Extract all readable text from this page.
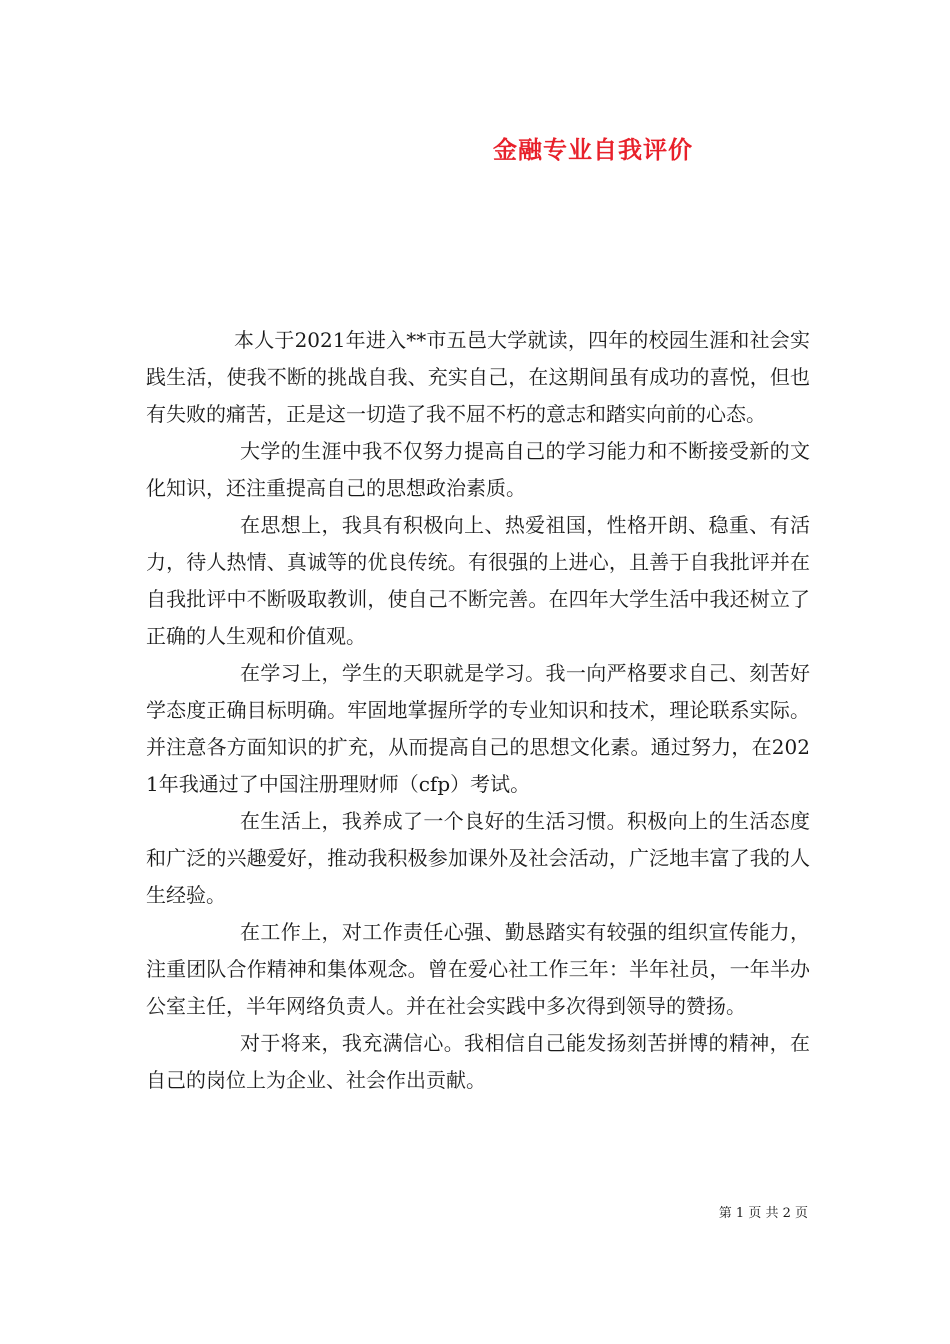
金融专业自我评价

本人于2021年进入**市五邑大学就读，四年的校园生涯和社会实践生活，使我不断的挑战自我、充实自己，在这期间虽有成功的喜悦，但也有失败的痛苦，正是这一切造了我不屈不朽的意志和踏实向前的心态。

大学的生涯中我不仅努力提高自己的学习能力和不断接受新的文化知识，还注重提高自己的思想政治素质。

在思想上，我具有积极向上、热爱祖国，性格开朗、稳重、有活力，待人热情、真诚等的优良传统。有很强的上进心，且善于自我批评并在自我批评中不断吸取教训，使自己不断完善。在四年大学生活中我还树立了正确的人生观和价值观。

在学习上，学生的天职就是学习。我一向严格要求自己、刻苦好学态度正确目标明确。牢固地掌握所学的专业知识和技术，理论联系实际。并注意各方面知识的扩充，从而提高自己的思想文化素。通过努力，在2021年我通过了中国注册理财师（cfp）考试。

在生活上，我养成了一个良好的生活习惯。积极向上的生活态度和广泛的兴趣爱好，推动我积极参加课外及社会活动，广泛地丰富了我的人生经验。

在工作上，对工作责任心强、勤恳踏实有较强的组织宣传能力，注重团队合作精神和集体观念。曾在爱心社工作三年：半年社员，一年半办公室主任，半年网络负责人。并在社会实践中多次得到领导的赞扬。

对于将来，我充满信心。我相信自己能发扬刻苦拼博的精神，在自己的岗位上为企业、社会作出贡献。

第 1 页 共 2 页
